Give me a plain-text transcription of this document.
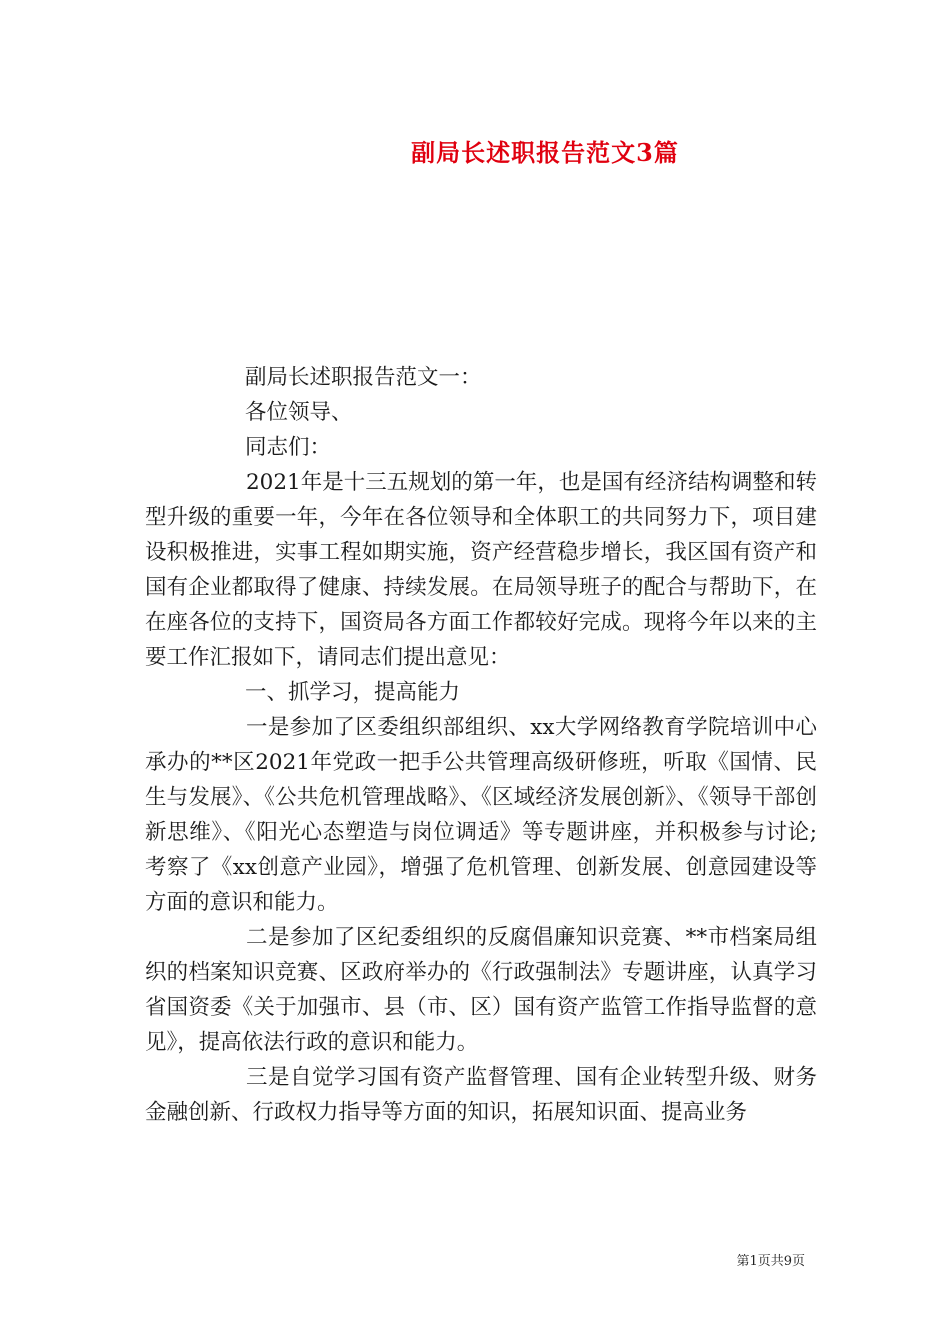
副局长述职报告范文3篇

副局长述职报告范文一：

各位领导、

同志们：

2021年是十三五规划的第一年，也是国有经济结构调整和转型升级的重要一年，今年在各位领导和全体职工的共同努力下，项目建设积极推进，实事工程如期实施，资产经营稳步增长，我区国有资产和国有企业都取得了健康、持续发展。在局领导班子的配合与帮助下，在在座各位的支持下，国资局各方面工作都较好完成。现将今年以来的主要工作汇报如下，请同志们提出意见：

一、抓学习，提高能力

一是参加了区委组织部组织、xx大学网络教育学院培训中心承办的**区2021年党政一把手公共管理高级研修班，听取《国情、民生与发展》、《公共危机管理战略》、《区域经济发展创新》、《领导干部创新思维》、《阳光心态塑造与岗位调适》等专题讲座，并积极参与讨论;考察了《xx创意产业园》，增强了危机管理、创新发展、创意园建设等方面的意识和能力。

二是参加了区纪委组织的反腐倡廉知识竞赛、**市档案局组织的档案知识竞赛、区政府举办的《行政强制法》专题讲座，认真学习省国资委《关于加强市、县（市、区）国有资产监管工作指导监督的意见》，提高依法行政的意识和能力。

三是自觉学习国有资产监督管理、国有企业转型升级、财务金融创新、行政权力指导等方面的知识，拓展知识面、提高业务

第1页共9页
